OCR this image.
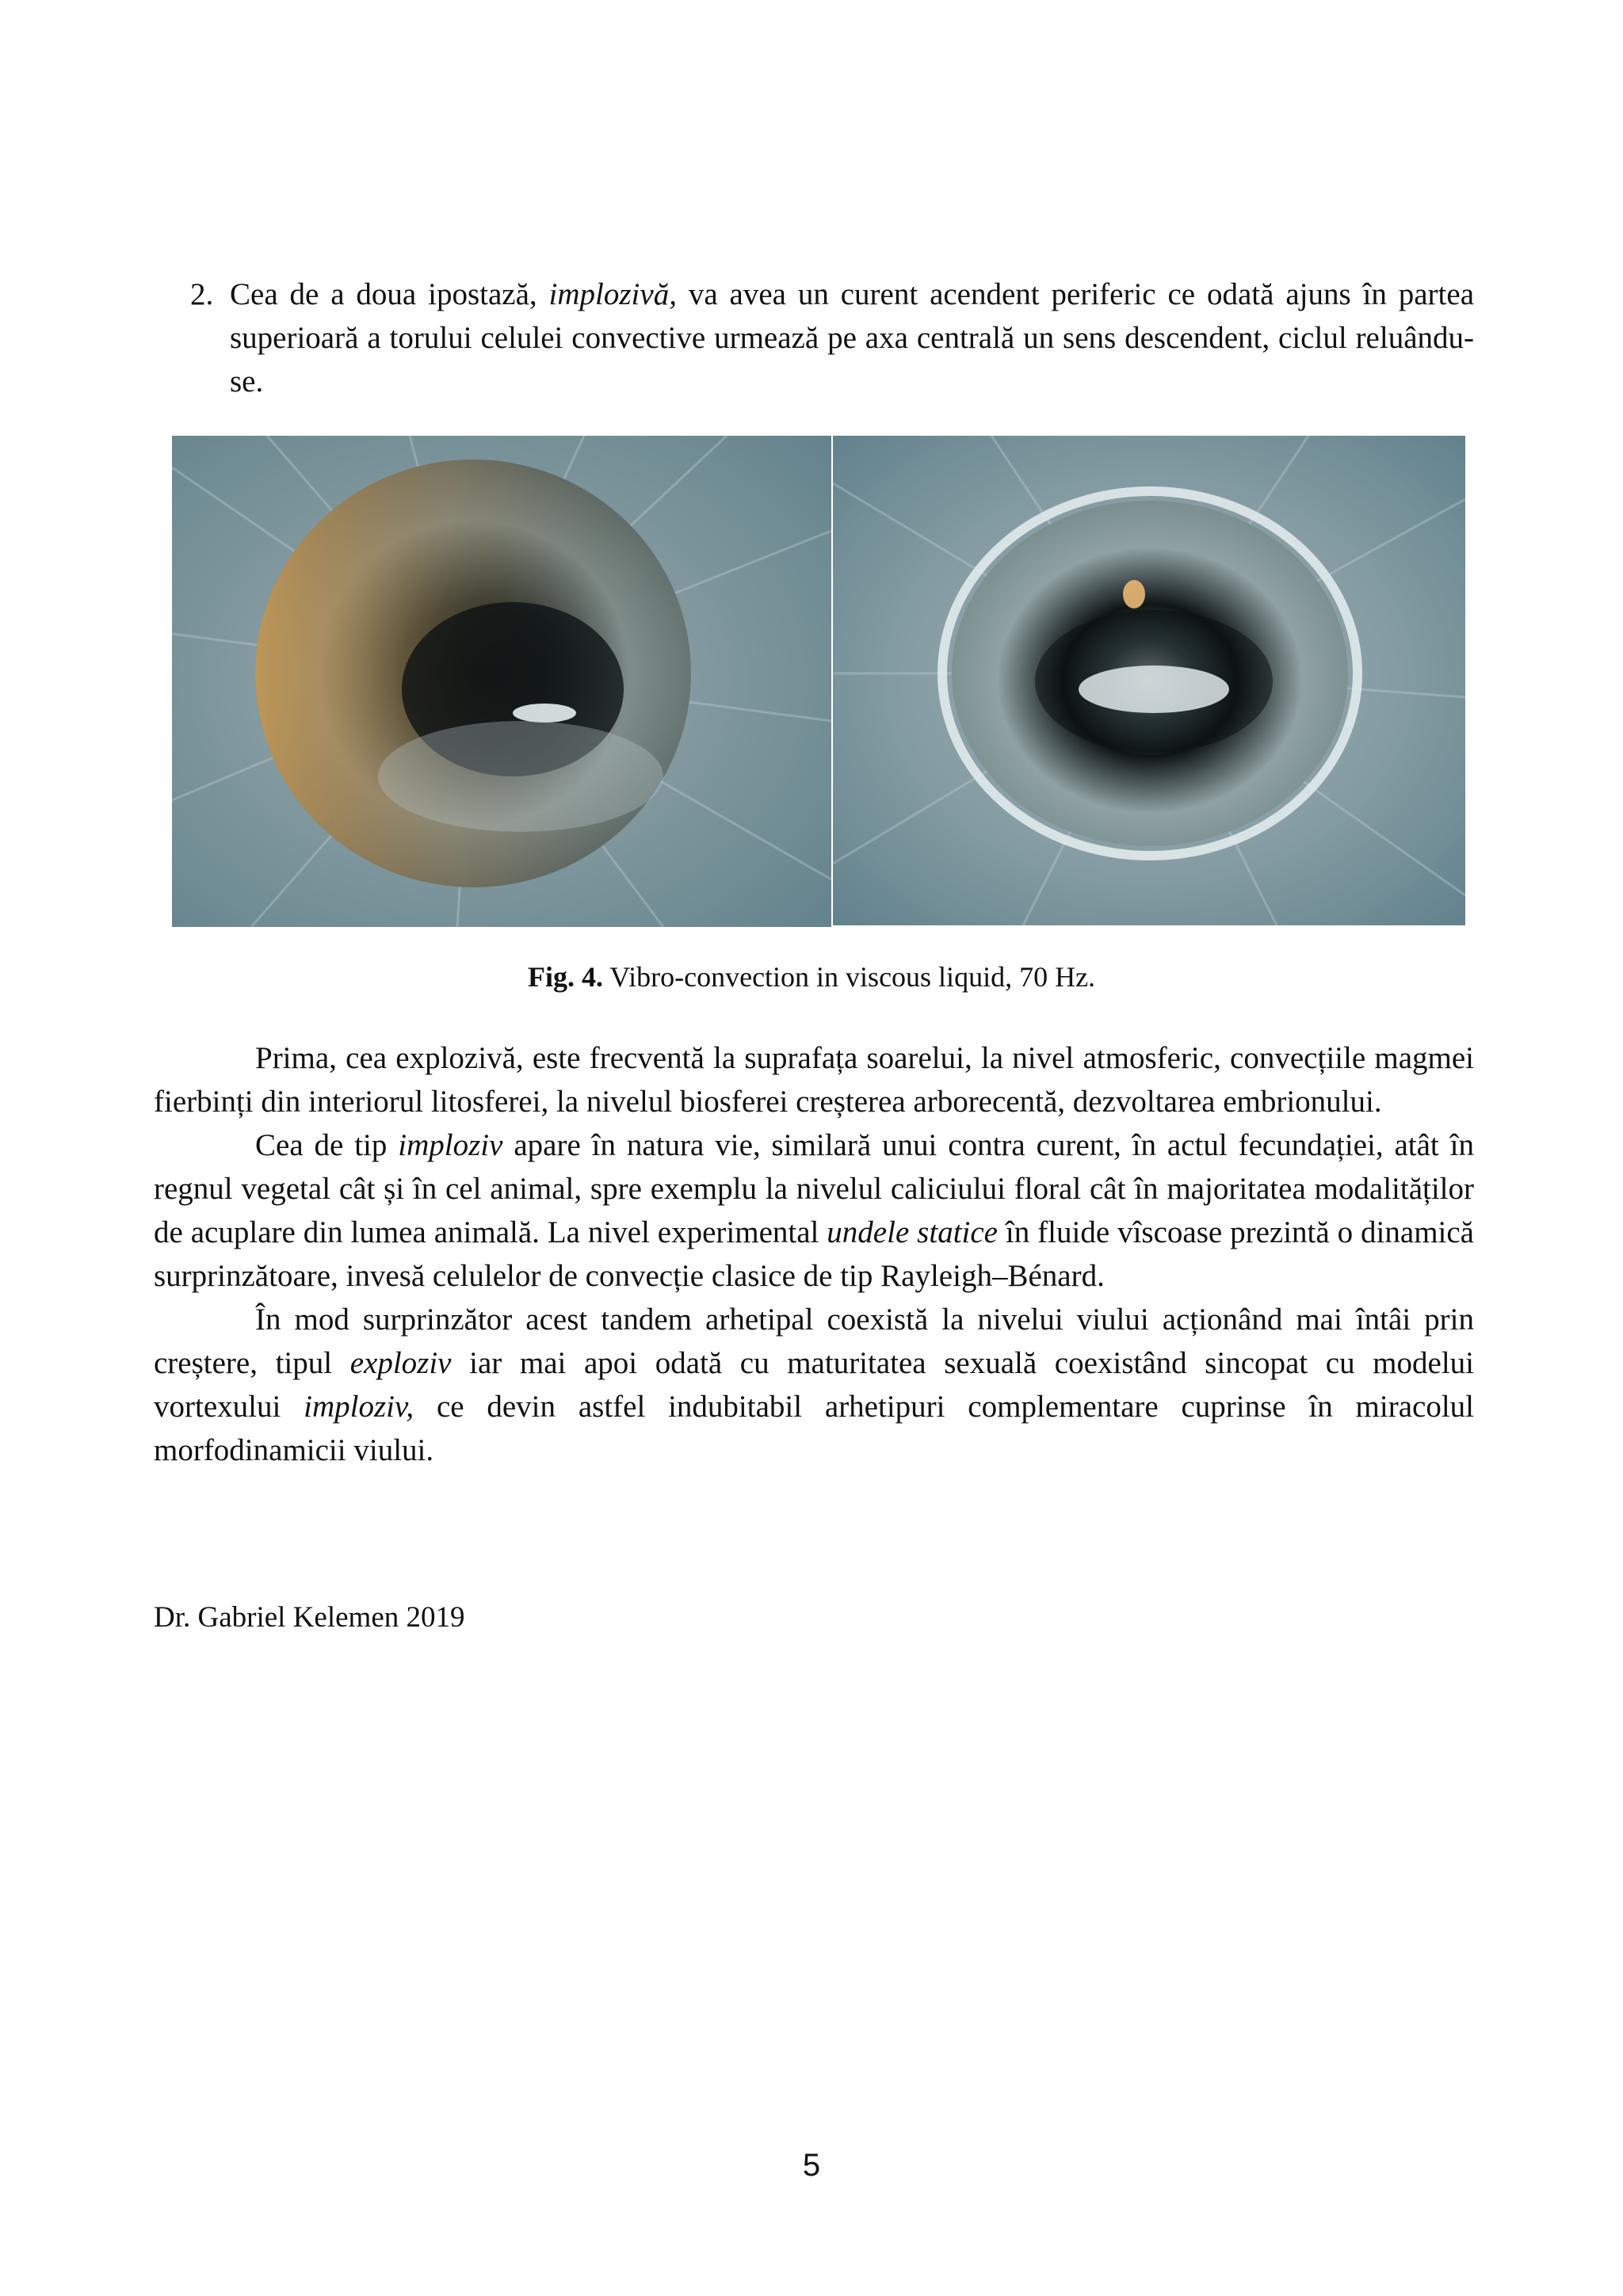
2. Cea de a doua ipostază, implozivă, va avea un curent acendent periferic ce odată ajuns în partea superioară a torului celulei convective urmează pe axa centrală un sens descendent, ciclul reluându-se.
Fig. 4. Vibro-convection in viscous liquid, 70 Hz.

Prima, cea explozivă, este frecventă la suprafața soarelui, la nivel atmosferic, convecțiile magmei fierbinți din interiorul litosferei, la nivelul biosferei creșterea arborecentă, dezvoltarea embrionului.

Cea de tip imploziv apare în natura vie, similară unui contra curent, în actul fecundației, atât în regnul vegetal cât și în cel animal, spre exemplu la nivelul caliciului floral cât în majoritatea modalităților de acuplare din lumea animală. La nivel experimental undele statice în fluide vîscoase prezintă o dinamică surprinzătoare, invesă celulelor de convecție clasice de tip Rayleigh–Bénard.

În mod surprinzător acest tandem arhetipal coexistă la nivelui viului acționând mai întâi prin creștere, tipul exploziv iar mai apoi odată cu maturitatea sexuală coexistând sincopat cu modelui vortexului imploziv, ce devin astfel indubitabil arhetipuri complementare cuprinse în miracolul morfodinamicii viului.

Dr. Gabriel Kelemen 2019
5
